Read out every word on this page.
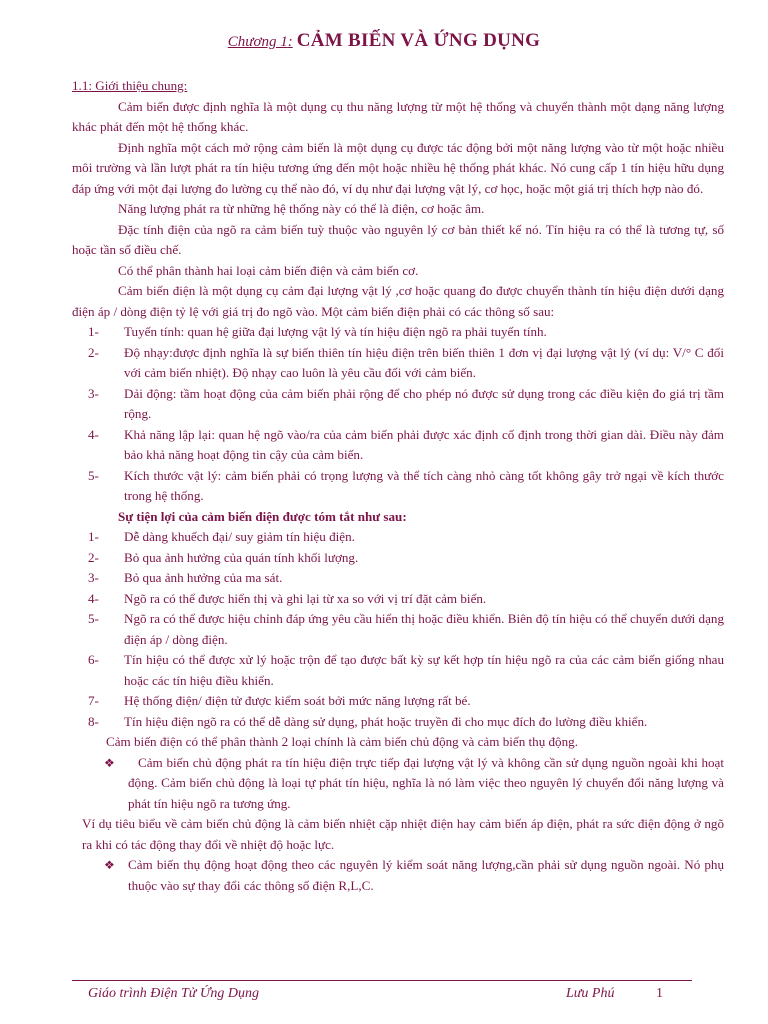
Chương 1: CẢM BIẾN VÀ ỨNG DỤNG

1.1: Giới thiệu chung:

Cảm biến được định nghĩa là một dụng cụ thu năng lượng từ một hệ thống và chuyển thành một dạng năng lượng khác phát đến một hệ thống khác.

Định nghĩa một cách mở rộng cảm biến là một dụng cụ được tác động bởi một năng lượng vào từ một hoặc nhiều môi trường và lần lượt phát ra tín hiệu tương ứng đến một hoặc nhiều hệ thống phát khác. Nó cung cấp 1 tín hiệu hữu dụng đáp ứng với một đại lượng đo lường cụ thể nào đó, ví dụ như đại lượng vật lý, cơ học, hoặc một giá trị thích hợp nào đó.

Năng lượng phát ra từ những hệ thống này có thể là điện, cơ hoặc âm.

Đặc tính điện của ngõ ra cảm biến tuỳ thuộc vào nguyên lý cơ bản thiết kế nó. Tín hiệu ra có thể là tương tự, số hoặc tần số điều chế.

Có thể phân thành hai loại cảm biến điện và cảm biến cơ.

Cảm biến điện là một dụng cụ cảm đại lượng vật lý ,cơ hoặc quang đo được chuyển thành tín hiệu điện dưới dạng điện áp / dòng điện tỷ lệ với giá trị đo ngõ vào. Một cảm biến điện phải có các thông số sau:

1-	Tuyến tính: quan hệ giữa đại lượng vật lý và tín hiệu điện ngõ ra phải tuyến tính.
2-	Độ nhạy:được định nghĩa là sự biến thiên tín hiệu điện trên biến thiên 1 đơn vị đại lượng vật lý (ví dụ: V/° C đối với cảm biến nhiệt). Độ nhạy cao luôn là yêu cầu đối với cảm biến.
3-	Dải động: tầm hoạt động của cảm biến phải rộng để cho phép nó được sử dụng trong các điều kiện đo giá trị tầm rộng.
4-	Khả năng lập lại: quan hệ ngõ vào/ra của cảm biến phải được xác định cố định trong thời gian dài. Điều này đảm bảo khả năng hoạt động tin cậy của cảm biến.
5-	Kích thước vật lý: cảm biến phải có trọng lượng và thể tích càng nhỏ càng tốt không gây trở ngại về kích thước trong hệ thống.

Sự tiện lợi của cảm biến điện được tóm tắt như sau:

1-	Dễ dàng khuếch đại/ suy giảm tín hiệu điện.
2-	Bỏ qua ảnh hưởng của quán tính khối lượng.
3-	Bỏ qua ảnh hưởng của ma sát.
4-	Ngõ ra có thể được hiển thị và ghi lại từ xa so với vị trí đặt cảm biến.
5-	Ngõ ra có thể được hiệu chỉnh đáp ứng yêu cầu hiển thị hoặc điều khiển. Biên độ tín hiệu có thể chuyển dưới dạng điện áp / dòng điện.
6-	Tín hiệu có thể được xử lý hoặc trộn để tạo được bất kỳ sự kết hợp tín hiệu ngõ ra của các cảm biến giống nhau hoặc các tín hiệu điều khiển.
7-	Hệ thống điện/ điện tử được kiểm soát bởi mức năng lượng rất bé.
8-	Tín hiệu điện ngõ ra có thể dễ dàng sử dụng, phát hoặc truyền đi cho mục đích đo lường điều khiển.

Cảm biến điện có thể phân thành 2 loại chính là cảm biến chủ động và cảm biến thụ động.

❖	Cảm biến chủ động phát ra tín hiệu điện trực tiếp đại lượng vật lý và không cần sử dụng nguồn ngoài khi hoạt động. Cảm biến chủ động là loại tự phát tín hiệu, nghĩa là nó làm việc theo nguyên lý chuyển đổi năng lượng và phát tín hiệu ngõ ra tương ứng.

Ví dụ tiêu biểu về cảm biến chủ động là cảm biến nhiệt cặp nhiệt điện hay cảm biến áp điện, phát ra sức điện động ở ngõ ra khi có tác động thay đổi về nhiệt độ hoặc lực.

❖	Cảm biến thụ động hoạt động theo các nguyên lý kiểm soát năng lượng,cần phải sử dụng nguồn ngoài. Nó phụ thuộc vào sự thay đổi các thông số điện R,L,C.
Giáo trình Điện Tử Ứng Dụng	Lưu Phú	1
